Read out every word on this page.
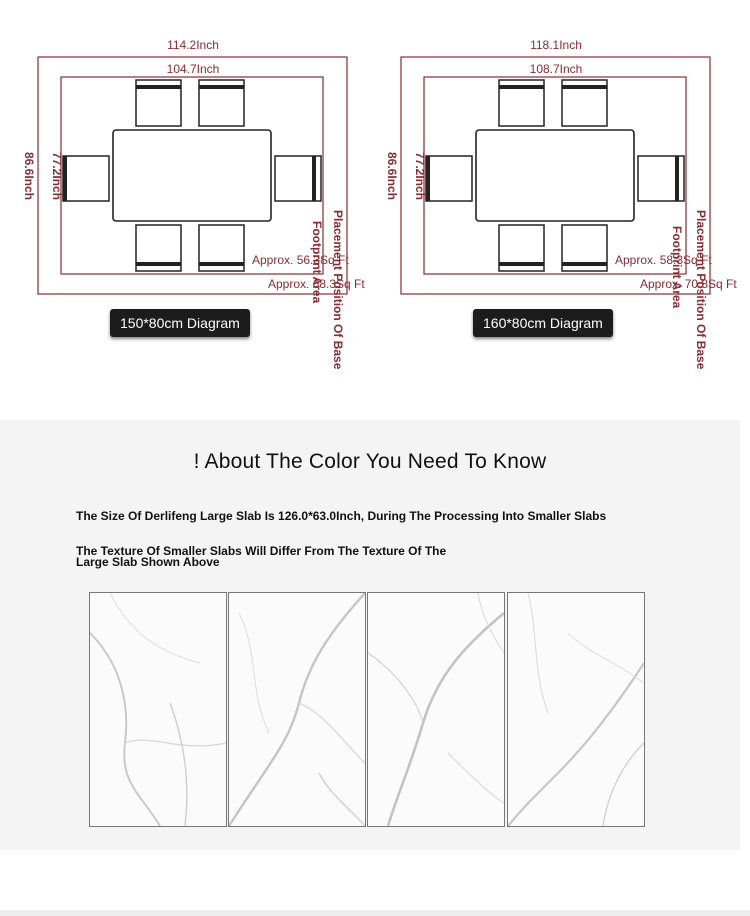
114.2Inch
104.7Inch
86.6Inch 77.2Inch
Approx. 56.3Sq Ft
Approx. 68.3Sq Ft
Footprint Area Placement Position Of Base
150*80cm Diagram
118.1Inch
108.7Inch
86.6Inch 77.2Inch
Approx. 58.3Sq Ft
Approx. 70.8Sq Ft
Footprint Area Placement Position Of Base
160*80cm Diagram
! About The Color You Need To Know
The Size Of Derlifeng Large Slab Is 126.0*63.0Inch, During The Processing Into Smaller Slabs
The Texture Of Smaller Slabs Will Differ From The Texture Of The
Large Slab Shown Above
